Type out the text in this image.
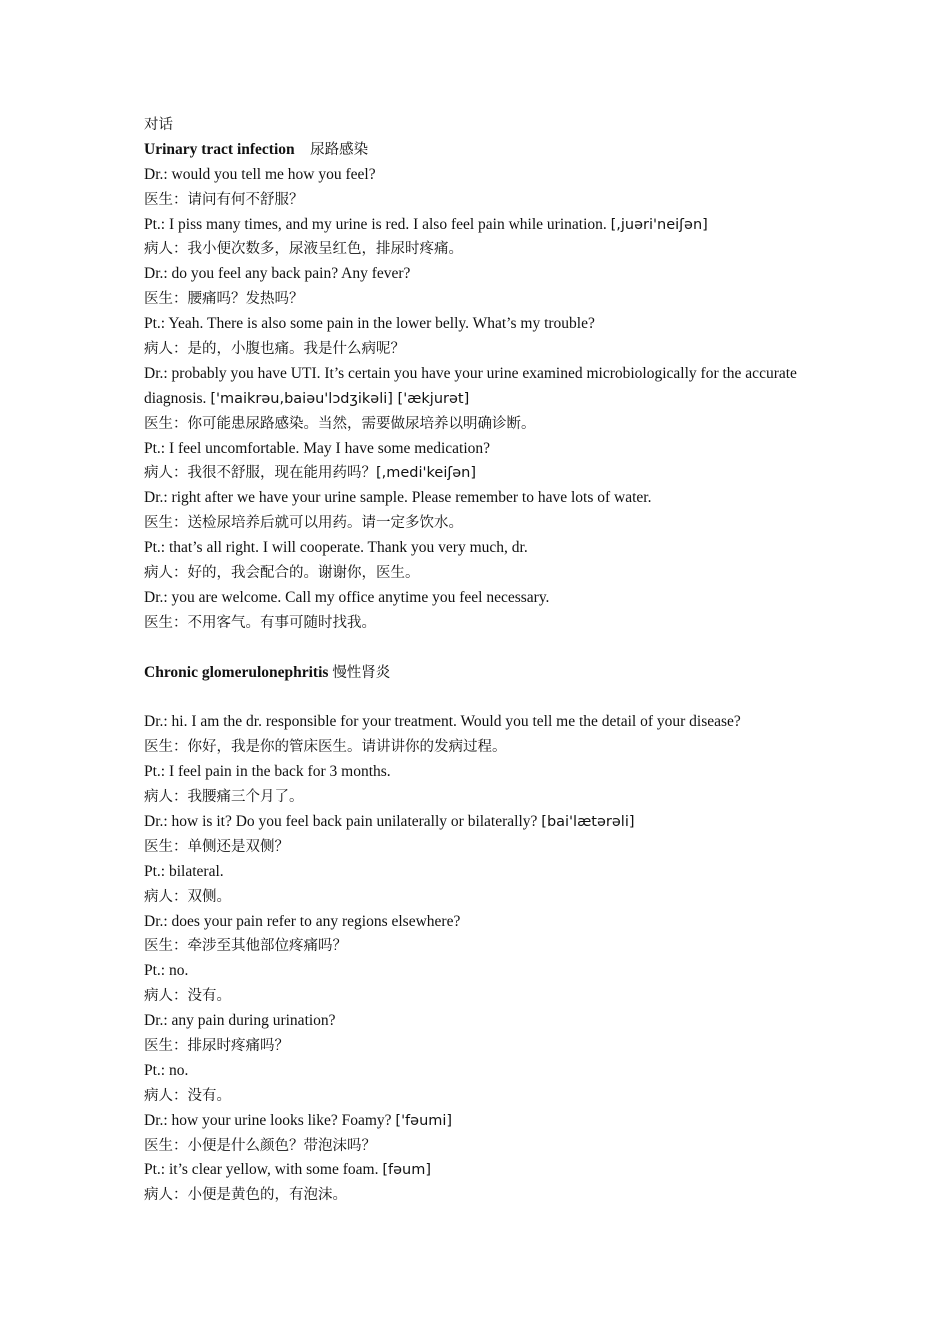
对话
Urinary tract infection 尿路感染
Dr.: would you tell me how you feel?
医生：请问有何不舒服？
Pt.: I piss many times, and my urine is red. I also feel pain while urination. [,juəri'neiʃən]
病人：我小便次数多，尿液呈红色，排尿时疼痛。
Dr.: do you feel any back pain? Any fever?
医生：腰痛吗？发热吗？
Pt.: Yeah. There is also some pain in the lower belly. What’s my trouble?
病人：是的，小腹也痛。我是什么病呢？
Dr.: probably you have UTI. It’s certain you have your urine examined microbiologically for the accurate diagnosis. ['maikrəu,baiəu'lɔdʒikəli] ['ækjurət]
医生：你可能患尿路感染。当然，需要做尿培养以明确诊断。
Pt.: I feel uncomfortable. May I have some medication?
病人：我很不舒服，现在能用药吗？[,medi'keiʃən]
Dr.: right after we have your urine sample. Please remember to have lots of water.
医生：送检尿培养后就可以用药。请一定多饮水。
Pt.: that’s all right. I will cooperate. Thank you very much, dr.
病人：好的，我会配合的。谢谢你，医生。
Dr.: you are welcome. Call my office anytime you feel necessary.
医生：不用客气。有事可随时找我。
Chronic glomerulonephritis 慢性肾炎
Dr.: hi. I am the dr. responsible for your treatment. Would you tell me the detail of your disease?
医生：你好，我是你的管床医生。请讲讲你的发病过程。
Pt.: I feel pain in the back for 3 months.
病人：我腰痛三个月了。
Dr.: how is it? Do you feel back pain unilaterally or bilaterally? [bai'lætərəli]
医生：单侧还是双侧？
Pt.: bilateral.
病人：双侧。
Dr.: does your pain refer to any regions elsewhere?
医生：牵涉至其他部位疼痛吗？
Pt.: no.
病人：没有。
Dr.: any pain during urination?
医生：排尿时疼痛吗？
Pt.: no.
病人：没有。
Dr.: how your urine looks like? Foamy? ['fəumi]
医生：小便是什么颜色？带泡沫吗？
Pt.: it’s clear yellow, with some foam. [fəum]
病人：小便是黄色的，有泡沫。
